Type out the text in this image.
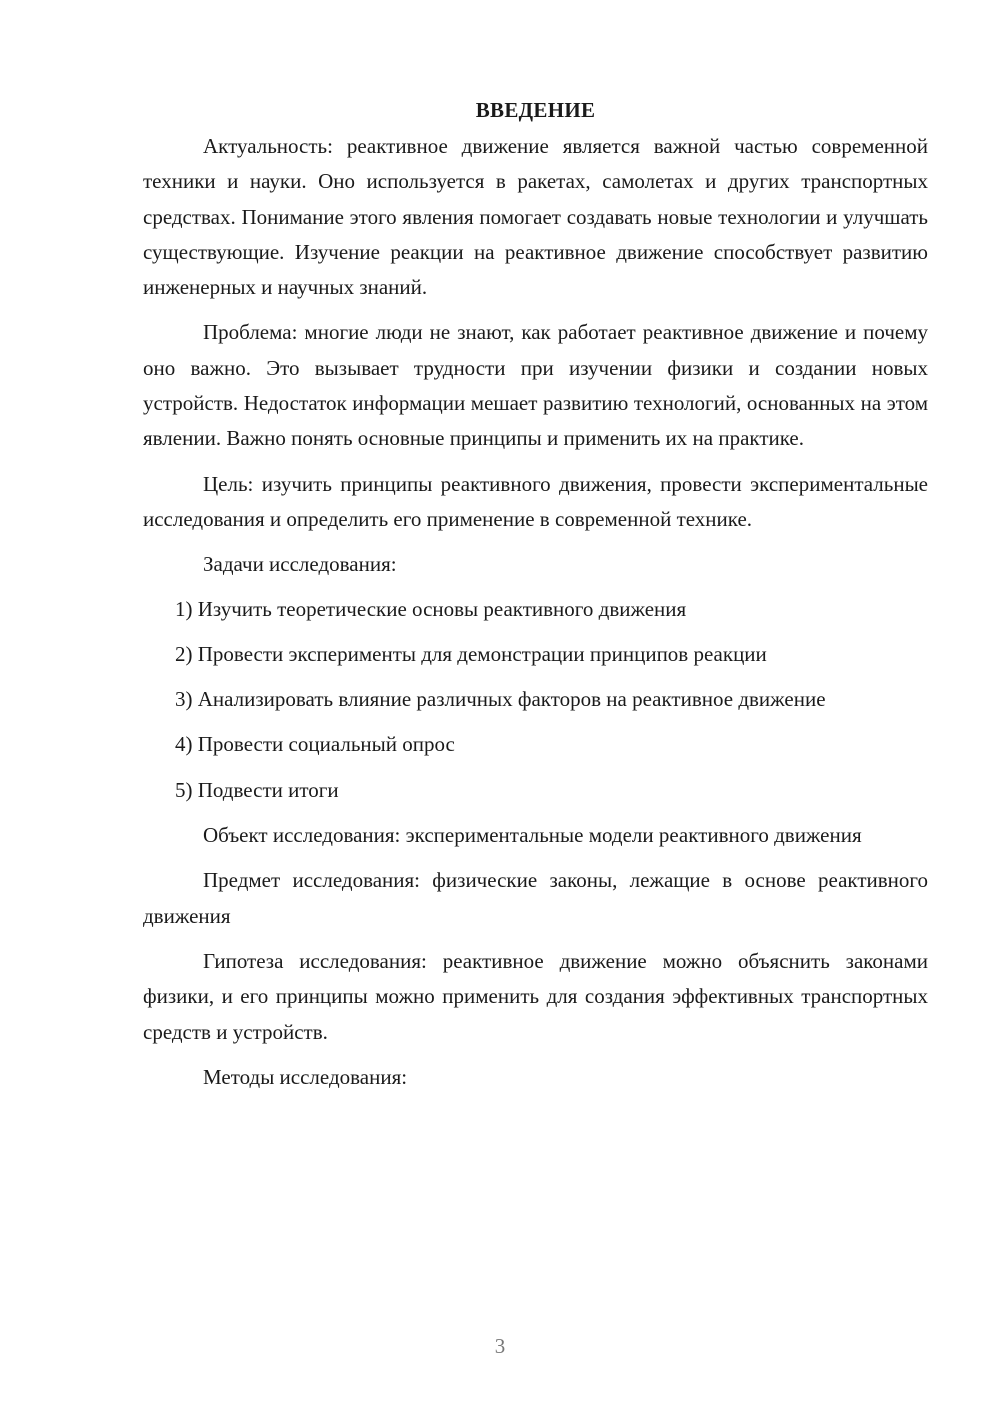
ВВЕДЕНИЕ

Актуальность: реактивное движение является важной частью современной техники и науки. Оно используется в ракетах, самолетах и других транспортных средствах. Понимание этого явления помогает создавать новые технологии и улучшать существующие. Изучение реакции на реактивное движение способствует развитию инженерных и научных знаний.

Проблема: многие люди не знают, как работает реактивное движение и почему оно важно. Это вызывает трудности при изучении физики и создании новых устройств. Недостаток информации мешает развитию технологий, основанных на этом явлении. Важно понять основные принципы и применить их на практике.

Цель: изучить принципы реактивного движения, провести экспериментальные исследования и определить его применение в современной технике.

Задачи исследования:

1) Изучить теоретические основы реактивного движения

2) Провести эксперименты для демонстрации принципов реакции

3) Анализировать влияние различных факторов на реактивное движение

4) Провести социальный опрос

5) Подвести итоги

Объект исследования: экспериментальные модели реактивного движения

Предмет исследования: физические законы, лежащие в основе реактивного движения

Гипотеза исследования: реактивное движение можно объяснить законами физики, и его принципы можно применить для создания эффективных транспортных средств и устройств.

Методы исследования:

3
